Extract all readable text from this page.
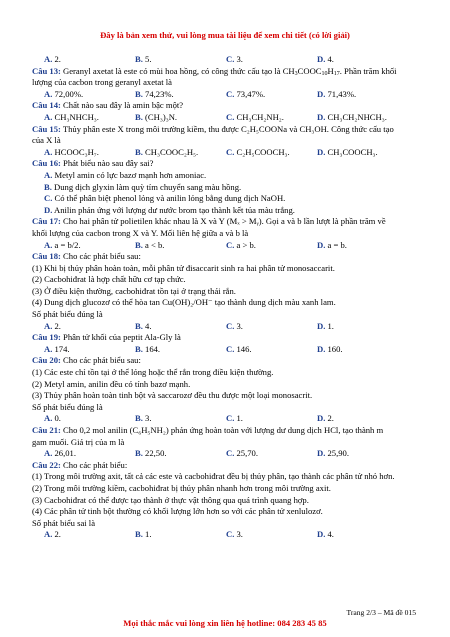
Đây là bản xem thử, vui lòng mua tài liệu để xem chi tiết (có lời giải)
A. 2.	B. 5.	C. 3.	D. 4.
Câu 13: Geranyl axetat là este có mùi hoa hồng, có công thức cấu tạo là $CH_3COOC_{10}H_{17}$. Phần trăm khối
lượng của cacbon trong geranyl axetat là
A. 72,00%.	B. 74,23%.	C. 73,47%.	D. 71,43%.
Câu 14: Chất nào sau đây là amin bậc một?
A. CH₃NHCH₃.	B. (CH₃)₃N.	C. CH₃CH₂NH₂.	D. CH₃CH₂NHCH₃.
Câu 15: Thủy phân este X trong môi trường kiềm, thu được C₂H₅COONa và CH₃OH. Công thức cấu tạo
của X là
A. HCOOC₃H₇.	B. CH₃COOC₂H₅.	C. C₂H₅COOCH₃.	D. CH₃COOCH₃.
Câu 16: Phát biểu nào sau đây sai?
A. Metyl amin có lực bazơ mạnh hơn amoniac.
B. Dung dịch glyxin làm quỳ tím chuyển sang màu hồng.
C. Có thể phân biệt phenol lỏng và anilin lỏng bằng dung dịch NaOH.
D. Anilin phản ứng với lượng dư nước brom tạo thành kết tủa màu trắng.
Câu 17: Cho hai phân tử polietilen khác nhau là X và Y (Mₓ > Mᵧ). Gọi a và b lần lượt là phần trăm về
khối lượng của cacbon trong X và Y. Mối liên hệ giữa a và b là
A. a = b/2.	B. a < b.	C. a > b.	D. a = b.
Câu 18: Cho các phát biểu sau:
(1) Khi bị thủy phân hoàn toàn, mỗi phân tử đisaccarit sinh ra hai phân tử monosaccarit.
(2) Cacbohiđrat là hợp chất hữu cơ tạp chức.
(3) Ở điều kiện thường, cacbohiđrat tồn tại ở trạng thái rắn.
(4) Dung dịch glucozơ có thể hòa tan Cu(OH)₂/OH⁻ tạo thành dung dịch màu xanh lam.
Số phát biểu đúng là
A. 2.	B. 4.	C. 3.	D. 1.
Câu 19: Phân tử khối của peptit Ala-Gly là
A. 174.	B. 164.	C. 146.	D. 160.
Câu 20: Cho các phát biểu sau:
(1) Các este chỉ tồn tại ở thể lỏng hoặc thể rắn trong điều kiện thường.
(2) Metyl amin, anilin đều có tính bazơ mạnh.
(3) Thủy phân hoàn toàn tinh bột và saccarozơ đều thu được một loại monosacrit.
Số phát biểu đúng là
A. 0.	B. 3.	C. 1.	D. 2.
Câu 21: Cho 0,2 mol anilin (C₆H₅NH₂) phản ứng hoàn toàn với lượng dư dung dịch HCl, tạo thành m
gam muối. Giá trị của m là
A. 26,01.	B. 22,50.	C. 25,70.	D. 25,90.
Câu 22: Cho các phát biểu:
(1) Trong môi trường axit, tất cả các este và cacbohiđrat đều bị thủy phân, tạo thành các phân tử nhỏ hơn.
(2) Trong môi trường kiềm, cacbohiđrat bị thủy phân nhanh hơn trong môi trường axit.
(3) Cacbohiđrat có thể được tạo thành ở thực vật thông qua quá trình quang hợp.
(4) Các phân tử tinh bột thường có khối lượng lớn hơn so với các phân tử xenlulozơ.
Số phát biểu sai là
A. 2.	B. 1.	C. 3.	D. 4.
Trang 2/3 – Mã đề 015
Mọi thắc mắc vui lòng xin liên hệ hotline: 084 283 45 85
